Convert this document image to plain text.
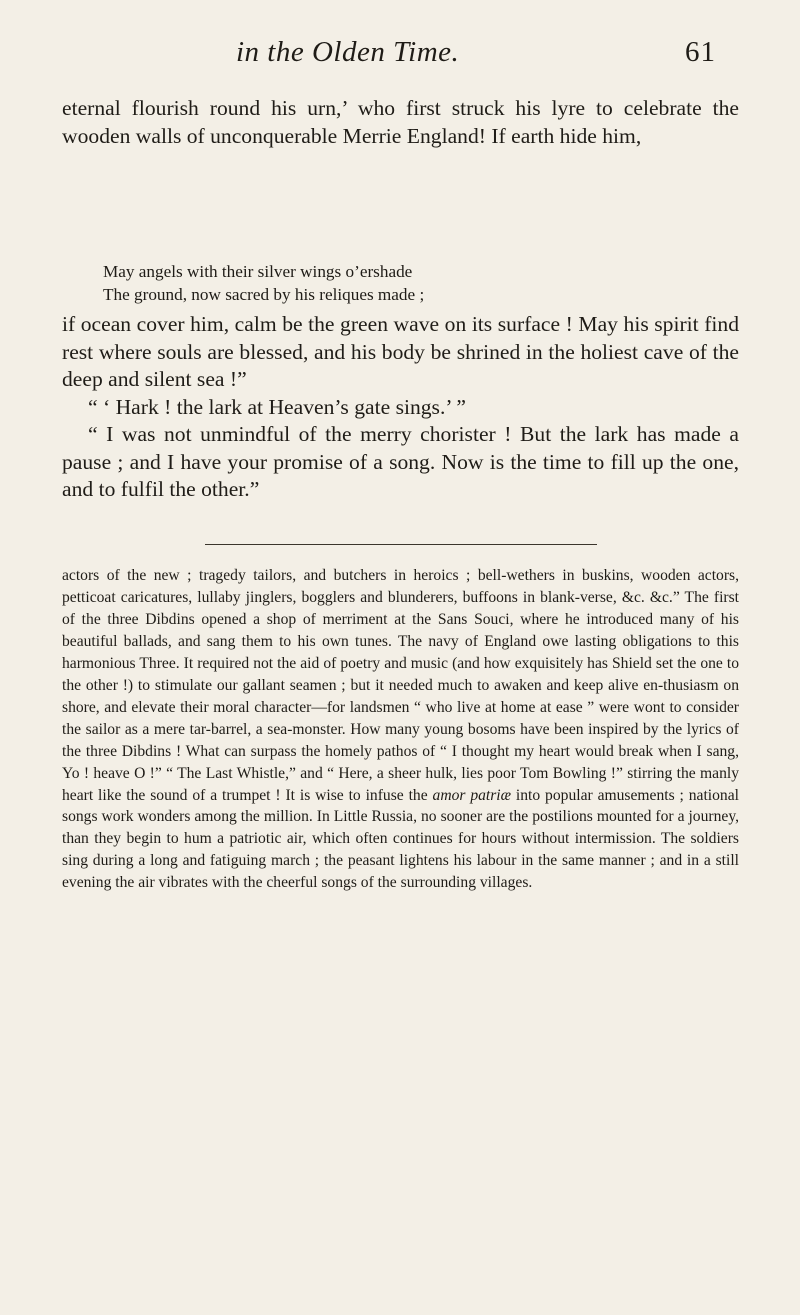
in the Olden Time.	61

eternal flourish round his urn,’ who first struck his lyre to celebrate the wooden walls of unconquerable Merrie England! If earth hide him,

May angels with their silver wings o’ershade
The ground, now sacred by his reliques made ;

if ocean cover him, calm be the green wave on its surface ! May his spirit find rest where souls are blessed, and his body be shrined in the holiest cave of the deep and silent sea !”

“ ‘ Hark ! the lark at Heaven’s gate sings.’ ”

“ I was not unmindful of the merry chorister ! But the lark has made a pause ; and I have your promise of a song. Now is the time to fill up the one, and to fulfil the other.”

actors of the new ; tragedy tailors, and butchers in heroics ; bell-wethers in buskins, wooden actors, petticoat caricatures, lullaby jinglers, bogglers and blunderers, buffoons in blank-verse, &c. &c.” The first of the three Dibdins opened a shop of merriment at the Sans Souci, where he introduced many of his beautiful ballads, and sang them to his own tunes. The navy of England owe lasting obligations to this harmonious Three. It required not the aid of poetry and music (and how exquisitely has Shield set the one to the other !) to stimulate our gallant seamen ; but it needed much to awaken and keep alive en-thusiasm on shore, and elevate their moral character—for landsmen “ who live at home at ease ” were wont to consider the sailor as a mere tar-barrel, a sea-monster. How many young bosoms have been inspired by the lyrics of the three Dibdins ! What can surpass the homely pathos of “ I thought my heart would break when I sang, Yo ! heave O !” “ The Last Whistle,” and “ Here, a sheer hulk, lies poor Tom Bowling !” stirring the manly heart like the sound of a trumpet ! It is wise to infuse the amor patriæ into popular amusements ; national songs work wonders among the million. In Little Russia, no sooner are the postilions mounted for a journey, than they begin to hum a patriotic air, which often continues for hours without intermission. The soldiers sing during a long and fatiguing march ; the peasant lightens his labour in the same manner ; and in a still evening the air vibrates with the cheerful songs of the surrounding villages.
